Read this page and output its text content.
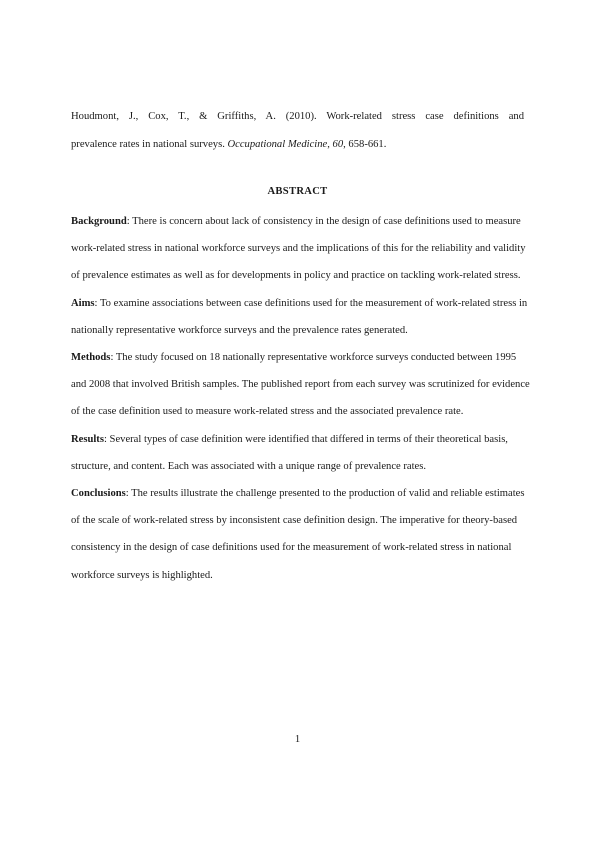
Houdmont, J., Cox, T., & Griffiths, A. (2010). Work-related stress case definitions and
prevalence rates in national surveys. Occupational Medicine, 60, 658-661.
ABSTRACT

Background: There is concern about lack of consistency in the design of case definitions used to measure work-related stress in national workforce surveys and the implications of this for the reliability and validity of prevalence estimates as well as for developments in policy and practice on tackling work-related stress.

Aims: To examine associations between case definitions used for the measurement of work-related stress in nationally representative workforce surveys and the prevalence rates generated.

Methods: The study focused on 18 nationally representative workforce surveys conducted between 1995 and 2008 that involved British samples. The published report from each survey was scrutinized for evidence of the case definition used to measure work-related stress and the associated prevalence rate.

Results: Several types of case definition were identified that differed in terms of their theoretical basis, structure, and content. Each was associated with a unique range of prevalence rates.

Conclusions: The results illustrate the challenge presented to the production of valid and reliable estimates of the scale of work-related stress by inconsistent case definition design. The imperative for theory-based consistency in the design of case definitions used for the measurement of work-related stress in national workforce surveys is highlighted.

1
